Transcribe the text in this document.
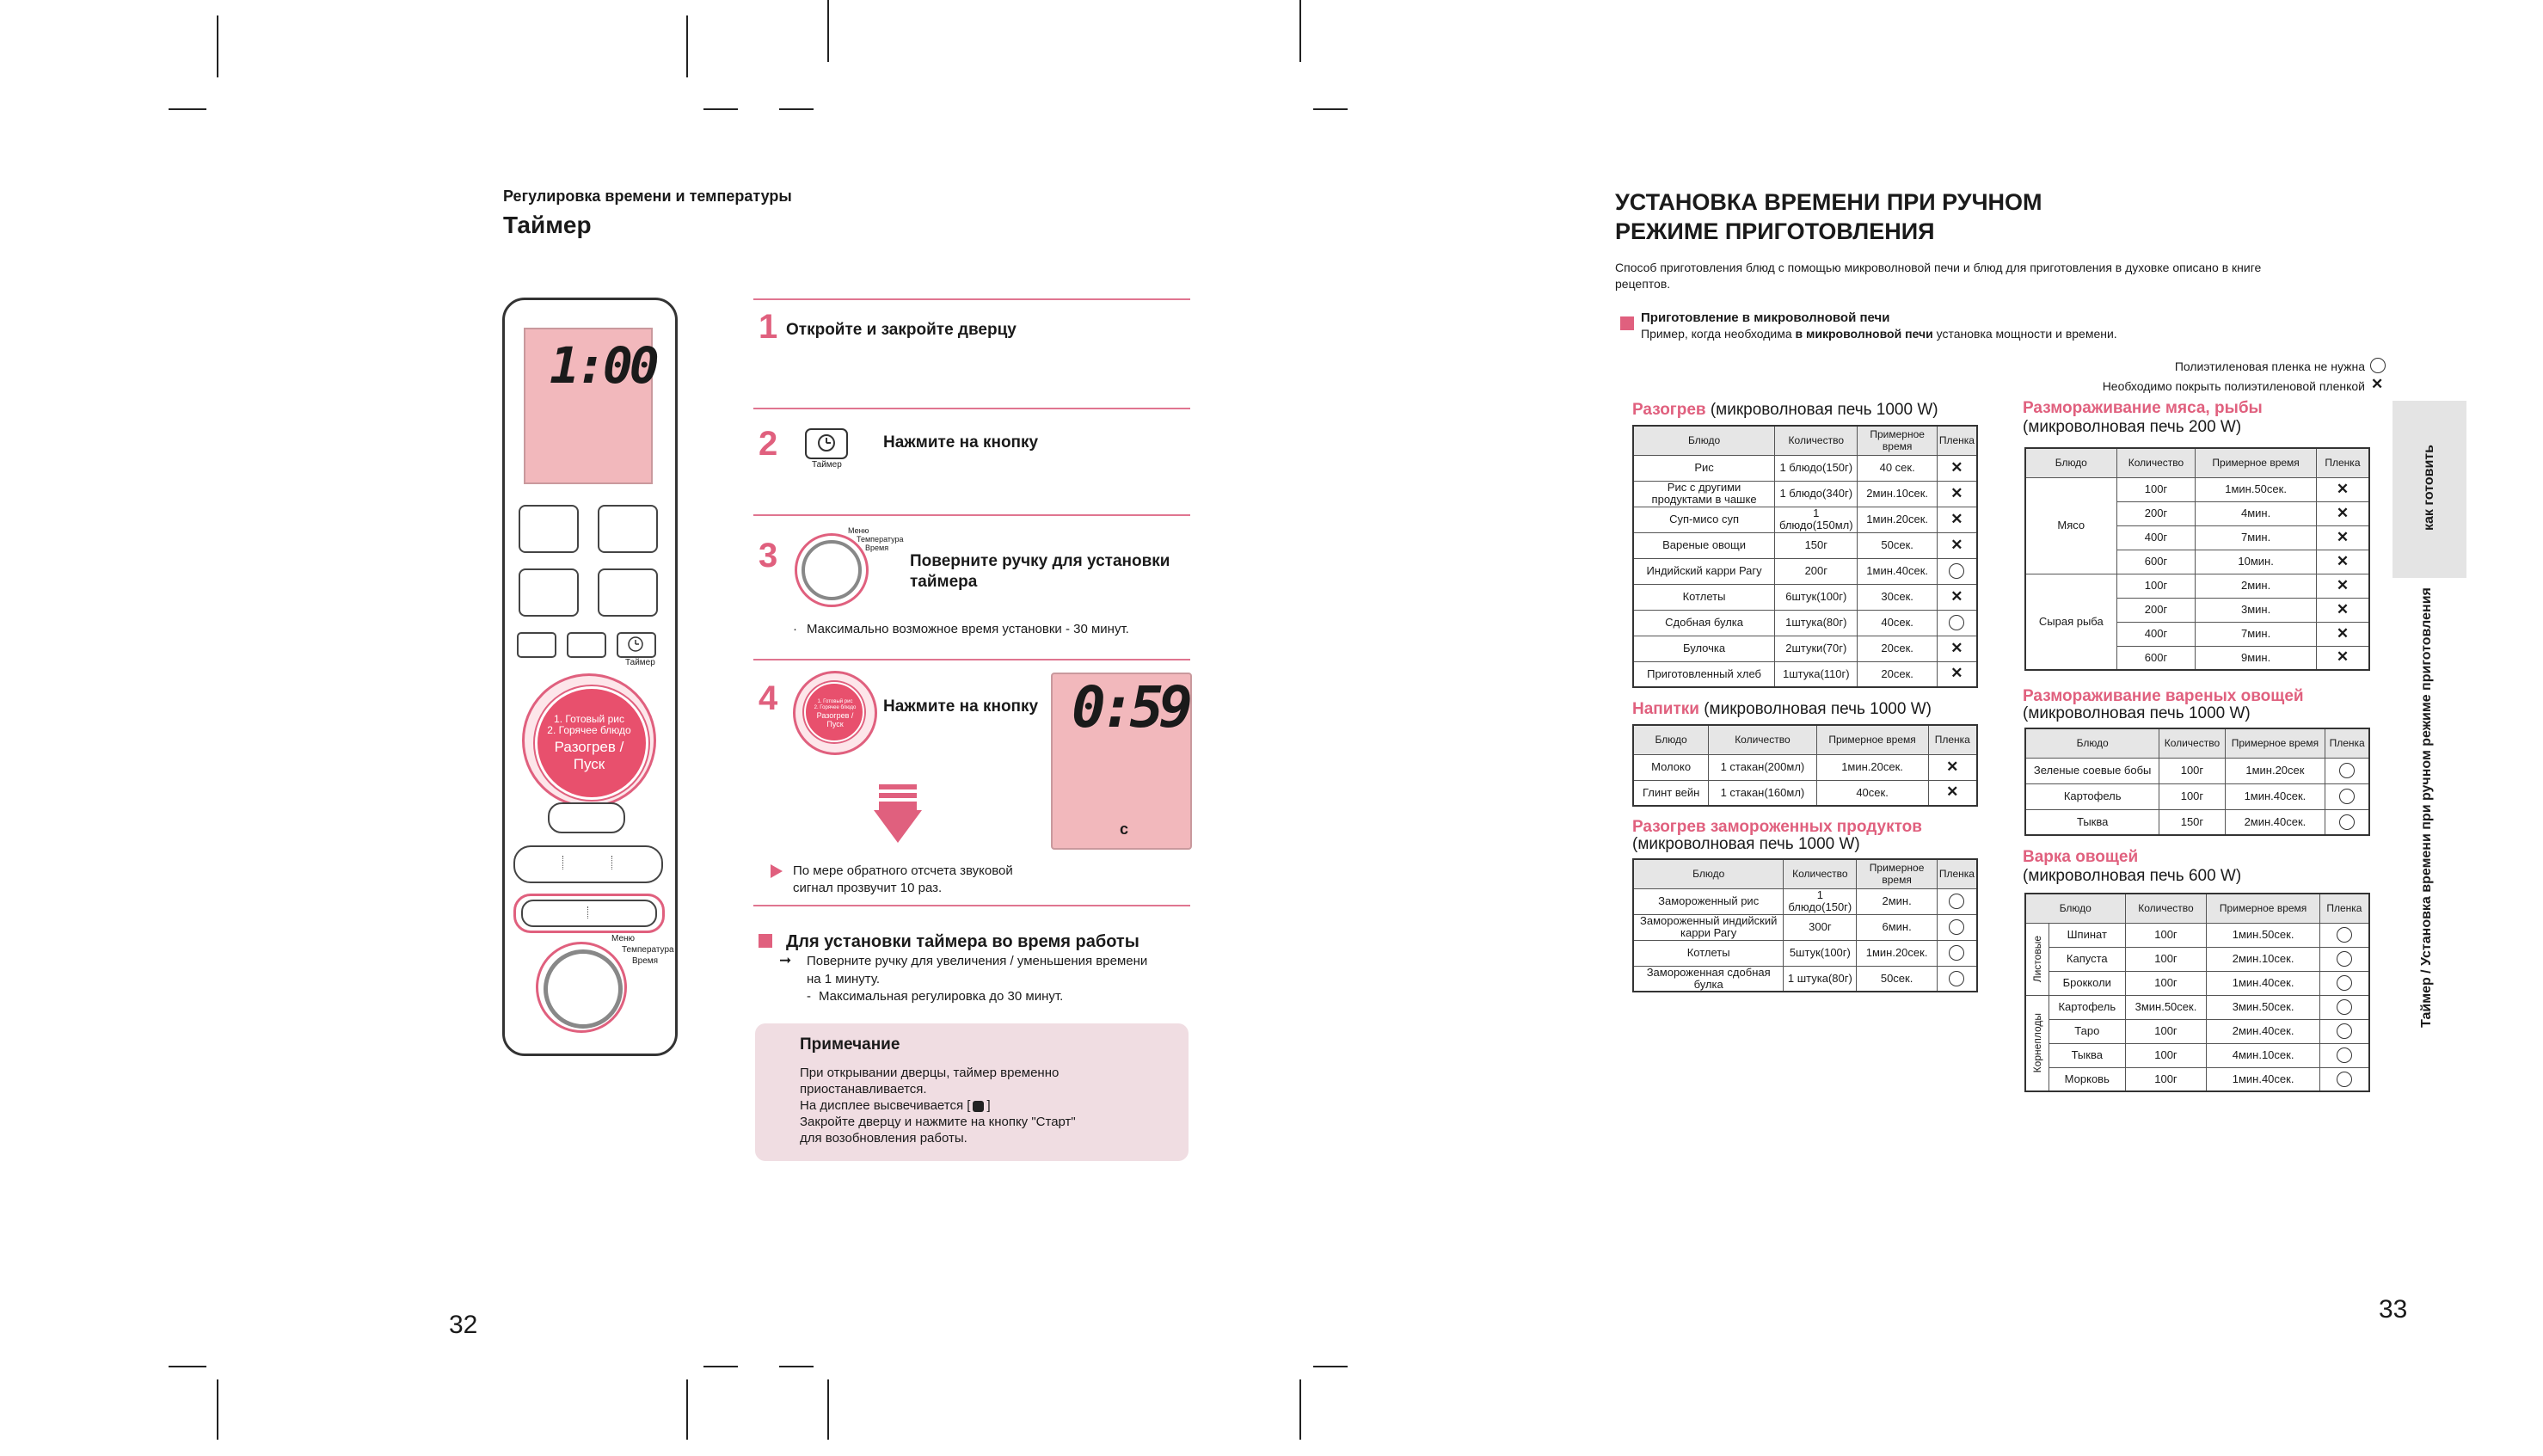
Регулировка времени и температуры
Таймер
1:00
Таймер
1. Готовый рис
2. Горячее блюдо
Разогрев /
Пуск
Меню
Температура
Время
1 Откройте и закройте дверцу
2
Таймер
Нажмите на кнопку
3
Меню
Температура
Время
Поверните ручку для установки
таймера
· Максимально возможное время установки - 30 минут.
4	1. Готовый рис
2. Горячее блюдо
Разогрев /
Пуск
Нажмите на кнопку 0:59
c
По мере обратного отсчета звуковой
сигнал прозвучит 10 раз.
Для установки таймера во время работы
➞ Поверните ручку для увеличения / уменьшения времени
на 1 минуту.
- Максимальная регулировка до 30 минут.
Примечание
При открывании дверцы, таймер временно
приостанавливается.
На дисплее высвечивается [ ]
Закройте дверцу и нажмите на кнопку "Старт"
для возобновления работы.
32
УСТАНОВКА ВРЕМЕНИ ПРИ РУЧНОМ
РЕЖИМЕ ПРИГОТОВЛЕНИЯ
Способ приготовления блюд с помощью микроволновой печи и блюд для приготовления в духовке описано в книге
рецептов.
Приготовление в микроволновой печи
Пример, когда необходима в микроволновой печи установка мощности и времени.
Полиэтиленовая пленка не нужна
Необходимо покрыть полиэтиленовой пленкой ✕
как готовить
Таймер / Установка времени при ручном режиме приготовления
Разогрев (микроволновая печь 1000 W)
Блюдо	Количество	Примерное время	Пленка
Рис	1 блюдо(150г)	40 сек.	✕
Рис с другими продуктами в чашке	1 блюдо(340г)	2мин.10сек.	✕
Суп-мисо суп	1 блюдо(150мл)	1мин.20сек.	✕
Вареные овощи	150г	50сек.	✕
Индийский карри Рагу	200г	1мин.40сек.	
Котлеты	6штук(100г)	30сек.	✕
Сдобная булка	1штука(80г)	40сек.	
Булочка	2штуки(70г)	20сек.	✕
Приготовленный хлеб	1штука(110г)	20сек.	✕
Напитки (микроволновая печь 1000 W)
Блюдо	Количество	Примерное время	Пленка
Молоко	1 стакан(200мл)	1мин.20сек.	✕
Глинт вейн	1 стакан(160мл)	40сек.	✕
Разогрев замороженных продуктов
(микроволновая печь 1000 W)
Блюдо	Количество	Примерное время	Пленка
Замороженный рис	1 блюдо(150г)	2мин.	
Замороженный индийский карри Рагу	300г	6мин.	
Котлеты	5штук(100г)	1мин.20сек.	
Замороженная сдобная булка	1 штука(80г)	50сек.	
Размораживание мяса, рыбы
(микроволновая печь 200 W)
Блюдо	Количество	Примерное время	Пленка
Мясо	100г	1мин.50сек.	✕
	200г	4мин.	✕
	400г	7мин.	✕
	600г	10мин.	✕
Сырая рыба	100г	2мин.	✕
	200г	3мин.	✕
	400г	7мин.	✕
	600г	9мин.	✕
Размораживание вареных овощей
(микроволновая печь 1000 W)
Блюдо	Количество	Примерное время	Пленка
Зеленые соевые бобы	100г	1мин.20сек	
Картофель	100г	1мин.40сек.	
Тыква	150г	2мин.40сек.	
Варка овощей
(микроволновая печь 600 W)
Блюдо		Количество	Примерное время	Пленка

Листовые	Шпинат	100г	1мин.50сек.	
	Капуста	100г	2мин.10сек.	
	Брокколи	100г	1мин.40сек.	

Корнеплоды	Картофель	3мин.50сек.	3мин.50сек.	
	Таро	100г	2мин.40сек.	
	Тыква	100г	4мин.10сек.	
	Морковь	100г	1мин.40сек.	
33
